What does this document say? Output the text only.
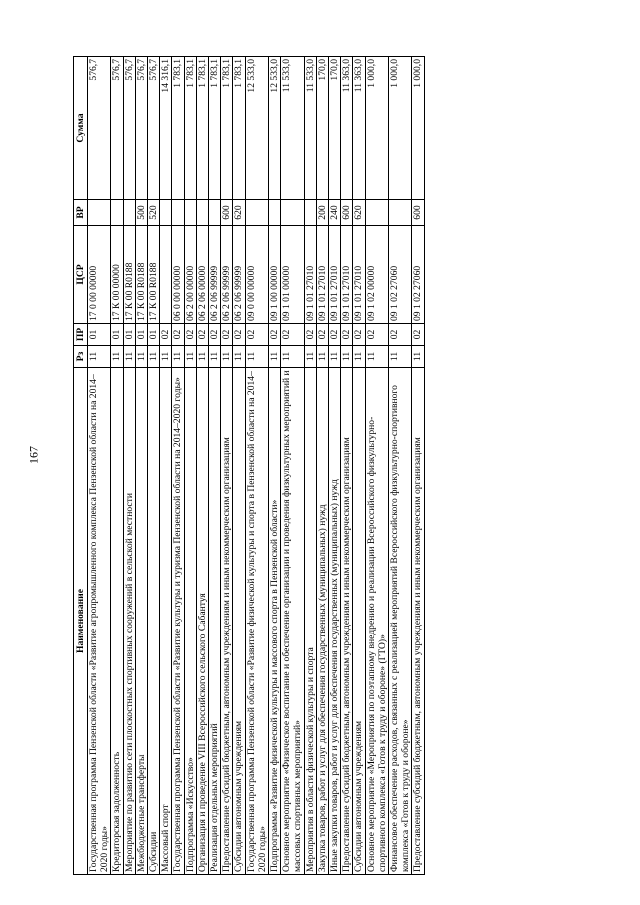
167
Наименование	Рз	ПР	ЦСР	ВР	Сумма
Государственная программа Пензенской области «Развитие агропромышленного комплекса Пензенской области на 2014–2020 годы»	11	01	17 0 00 00000		576,7
Кредиторская задолженность	11	01	17 К 00 00000		576,7
Мероприятие по развитию сети плоскостных спортивных сооружений в сельской местности	11	01	17 К 00 R0188		576,7
Межбюджетные трансферты	11	01	17 К 00 R0188	500	576,7
Субсидии	11	01	17 К 00 R0188	520	576,7
Массовый спорт	11	02			14 316,1
Государственная программа Пензенской области «Развитие культуры и туризма Пензенской области на 2014–2020 годы»	11	02	06 0 00 00000		1 783,1
Подпрограмма «Искусство»	11	02	06 2 00 00000		1 783,1
Организация и проведение VIII Всероссийского сельского Сабантуя	11	02	06 2 06 00000		1 783,1
Реализация отдельных мероприятий	11	02	06 2 06 99999		1 783,1
Предоставление субсидий бюджетным, автономным учреждениям и иным некоммерческим организациям	11	02	06 2 06 99999	600	1 783,1
Субсидии автономным учреждениям	11	02	06 2 06 99999	620	1 783,1
Государственная программа Пензенской области «Развитие физической культуры и спорта в Пензенской области на 2014–2020 годы»	11	02	09 0 00 00000		12 533,0
Подпрограмма «Развитие физической культуры и массового спорта в Пензенской области»	11	02	09 1 00 00000		12 533,0
Основное мероприятие «Физическое воспитание и обеспечение организации и проведения физкультурных мероприятий и массовых спортивных мероприятий»	11	02	09 1 01 00000		11 533,0
Мероприятия в области физической культуры и спорта	11	02	09 1 01 27010		11 533,0
Закупка товаров, работ и услуг для обеспечения государственных (муниципальных) нужд	11	02	09 1 01 27010	200	170,0
Иные закупки товаров, работ и услуг для обеспечения государственных (муниципальных) нужд	11	02	09 1 01 27010	240	170,0
Предоставление субсидий бюджетным, автономным учреждениям и иным некоммерческим организациям	11	02	09 1 01 27010	600	11 363,0
Субсидии автономным учреждениям	11	02	09 1 01 27010	620	11 363,0
Основное мероприятие «Мероприятия по поэтапному внедрению и реализации Всероссийского физкультурно-спортивного комплекса «Готов к труду и обороне» (ГТО)»	11	02	09 1 02 00000		1 000,0
Финансовое обеспечение расходов, связанных с реализацией мероприятий Всероссийского физкультурно-спортивного комплекса «Готов к труду и обороне»	11	02	09 1 02 27060		1 000,0
Предоставление субсидий бюджетным, автономным учреждениям и иным некоммерческим организациям	11	02	09 1 02 27060	600	1 000,0
